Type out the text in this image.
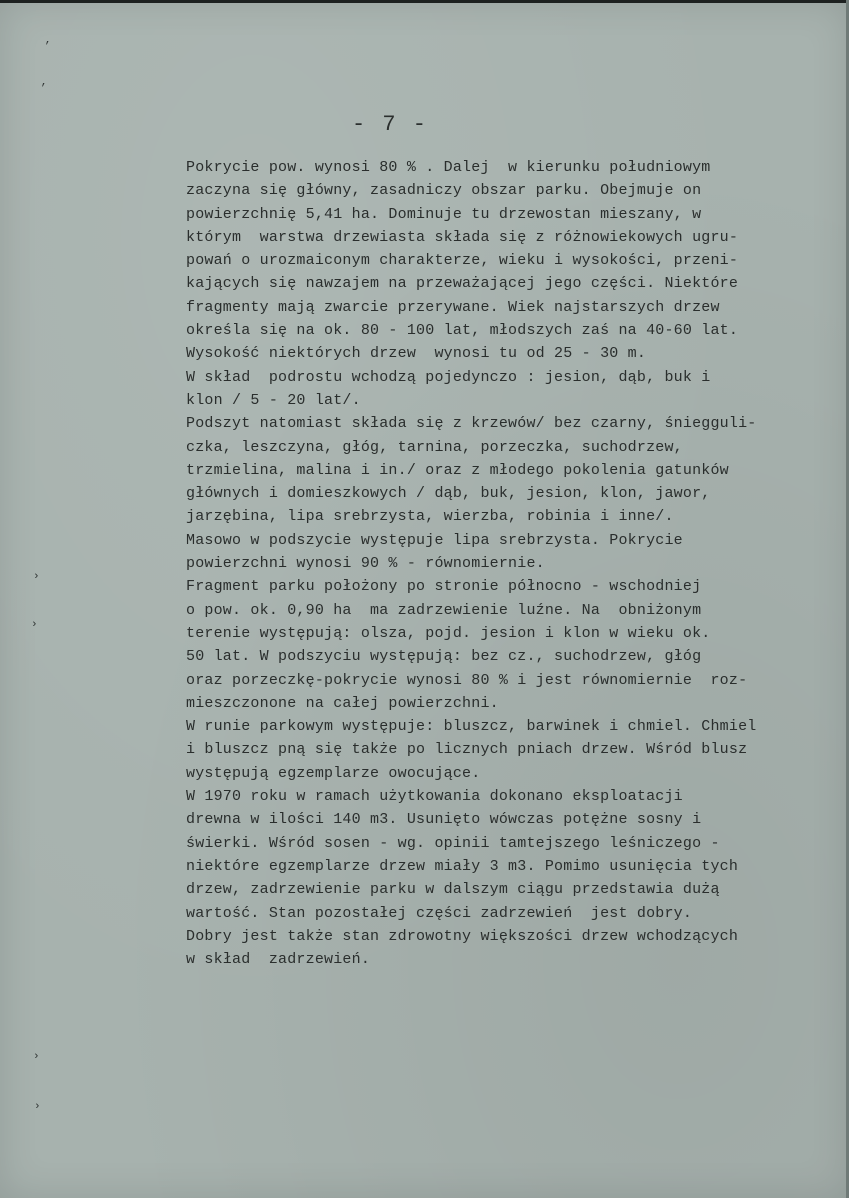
’
’
›
›
›
›
- 7 -
Pokrycie pow. wynosi 80 % . Dalej  w kierunku południowym
zaczyna się główny, zasadniczy obszar parku. Obejmuje on
powierzchnię 5,41 ha. Dominuje tu drzewostan mieszany, w
którym  warstwa drzewiasta składa się z różnowiekowych ugru-
powań o urozmaiconym charakterze, wieku i wysokości, przeni-
kających się nawzajem na przeważającej jego części. Niektóre
fragmenty mają zwarcie przerywane. Wiek najstarszych drzew
określa się na ok. 80 - 100 lat, młodszych zaś na 40-60 lat.
Wysokość niektórych drzew  wynosi tu od 25 - 30 m.
W skład  podrostu wchodzą pojedynczo : jesion, dąb, buk i
klon / 5 - 20 lat/.
Podszyt natomiast składa się z krzewów/ bez czarny, śniegguli-
czka, leszczyna, głóg, tarnina, porzeczka, suchodrzew,
trzmielina, malina i in./ oraz z młodego pokolenia gatunków
głównych i domieszkowych / dąb, buk, jesion, klon, jawor,
jarzębina, lipa srebrzysta, wierzba, robinia i inne/.
Masowo w podszycie występuje lipa srebrzysta. Pokrycie
powierzchni wynosi 90 % - równomiernie.
Fragment parku położony po stronie północno - wschodniej
o pow. ok. 0,90 ha  ma zadrzewienie luźne. Na  obniżonym
terenie występują: olsza, pojd. jesion i klon w wieku ok.
50 lat. W podszyciu występują: bez cz., suchodrzew, głóg
oraz porzeczkę-pokrycie wynosi 80 % i jest równomiernie  roz-
mieszczonone na całej powierzchni.
W runie parkowym występuje: bluszcz, barwinek i chmiel. Chmiel
i bluszcz pną się także po licznych pniach drzew. Wśród blusz
występują egzemplarze owocujące.
W 1970 roku w ramach użytkowania dokonano eksploatacji
drewna w ilości 140 m3. Usunięto wówczas potężne sosny i
świerki. Wśród sosen - wg. opinii tamtejszego leśniczego -
niektóre egzemplarze drzew miały 3 m3. Pomimo usunięcia tych
drzew, zadrzewienie parku w dalszym ciągu przedstawia dużą
wartość. Stan pozostałej części zadrzewień  jest dobry.
Dobry jest także stan zdrowotny większości drzew wchodzących
w skład  zadrzewień.
